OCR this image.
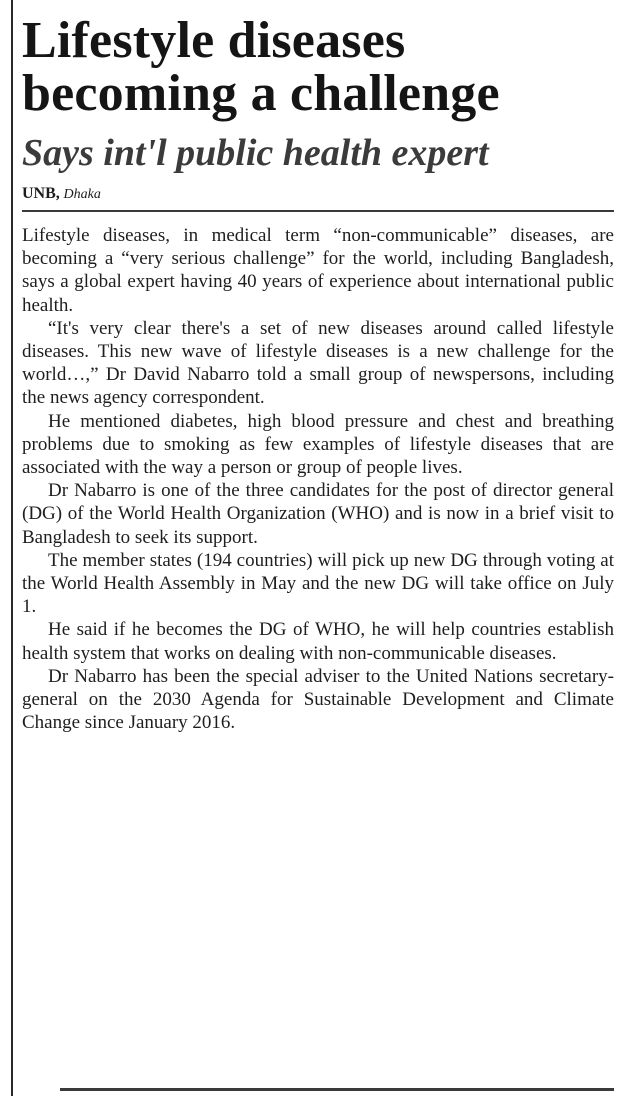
Lifestyle diseases
becoming a challenge
Says int'l public health expert
UNB, Dhaka

Lifestyle diseases, in medical term “non-communicable” diseases, are becoming a “very serious challenge” for the world, including Bangladesh, says a global expert having 40 years of experience about international public health.

“It's very clear there's a set of new diseases around called lifestyle diseases. This new wave of lifestyle diseases is a new challenge for the world…,” Dr David Nabarro told a small group of newspersons, including the news agency correspondent.

He mentioned diabetes, high blood pressure and chest and breathing problems due to smoking as few examples of lifestyle diseases that are associated with the way a person or group of people lives.

Dr Nabarro is one of the three candidates for the post of director general (DG) of the World Health Organization (WHO) and is now in a brief visit to Bangladesh to seek its support.

The member states (194 countries) will pick up new DG through voting at the World Health Assembly in May and the new DG will take office on July 1.

He said if he becomes the DG of WHO, he will help countries establish health system that works on dealing with non-communicable diseases.

Dr Nabarro has been the special adviser to the United Nations secretary-general on the 2030 Agenda for Sustainable Development and Climate Change since January 2016.
